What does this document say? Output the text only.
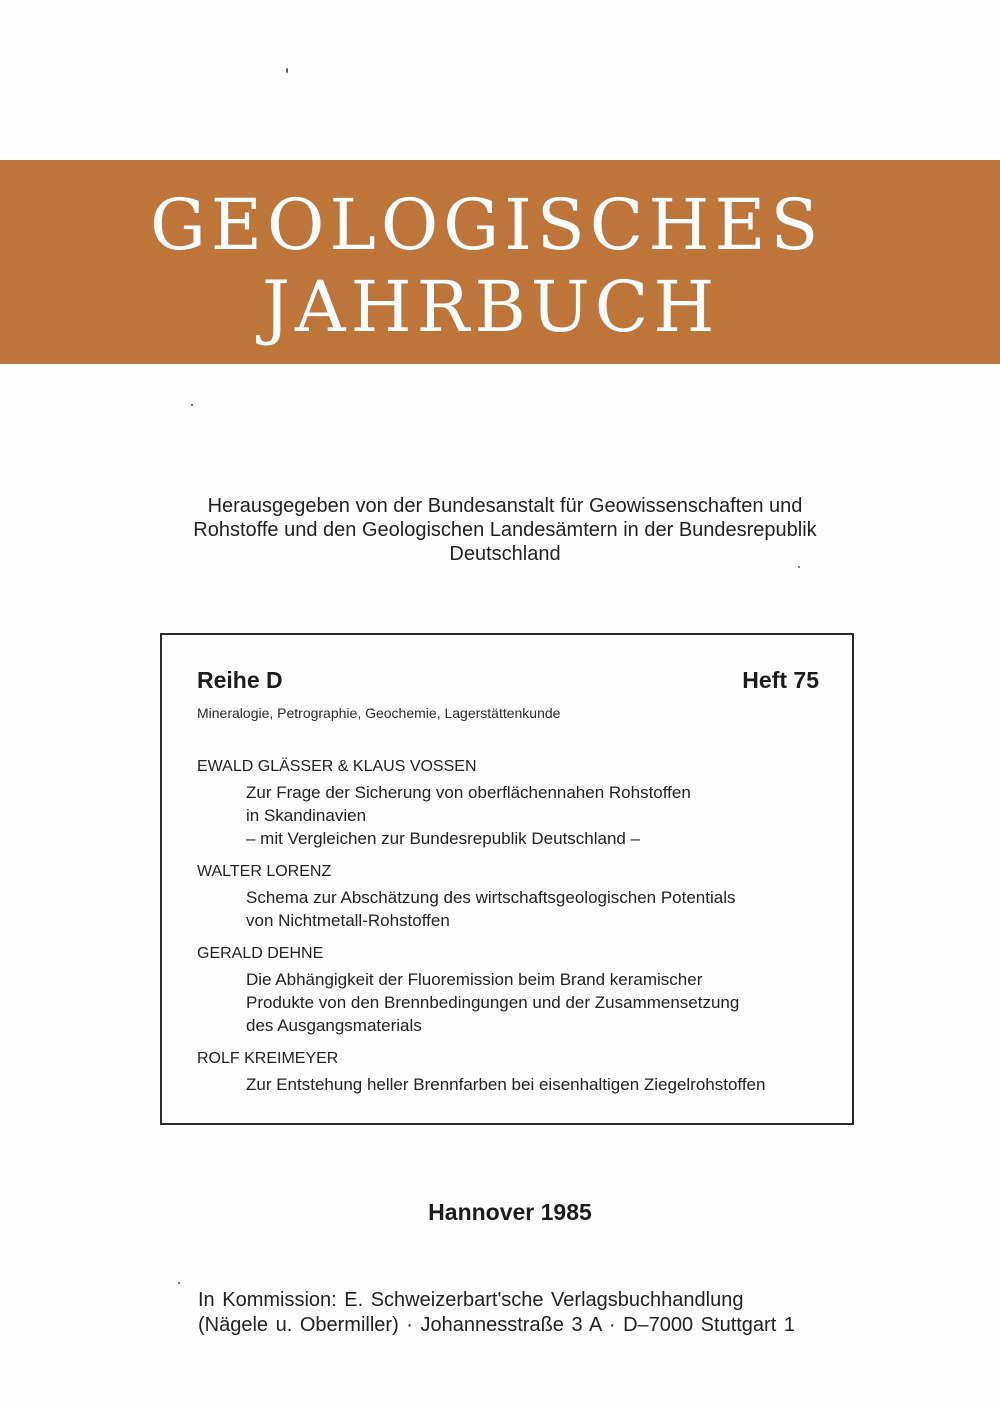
GEOLOGISCHES
JAHRBUCH
Herausgegeben von der Bundesanstalt für Geowissenschaften und
Rohstoffe und den Geologischen Landesämtern in der Bundesrepublik
Deutschland
Reihe D	Heft 75
Mineralogie, Petrographie, Geochemie, Lagerstättenkunde
EWALD GLÄSSER & KLAUS VOSSEN
Zur Frage der Sicherung von oberflächennahen Rohstoffen
in Skandinavien
– mit Vergleichen zur Bundesrepublik Deutschland –
WALTER LORENZ
Schema zur Abschätzung des wirtschaftsgeologischen Potentials
von Nichtmetall-Rohstoffen
GERALD DEHNE
Die Abhängigkeit der Fluoremission beim Brand keramischer
Produkte von den Brennbedingungen und der Zusammensetzung
des Ausgangsmaterials
ROLF KREIMEYER
Zur Entstehung heller Brennfarben bei eisenhaltigen Ziegelrohstoffen
Hannover 1985
In Kommission: E. Schweizerbart'sche Verlagsbuchhandlung
(Nägele u. Obermiller) · Johannesstraße 3 A · D–7000 Stuttgart 1
